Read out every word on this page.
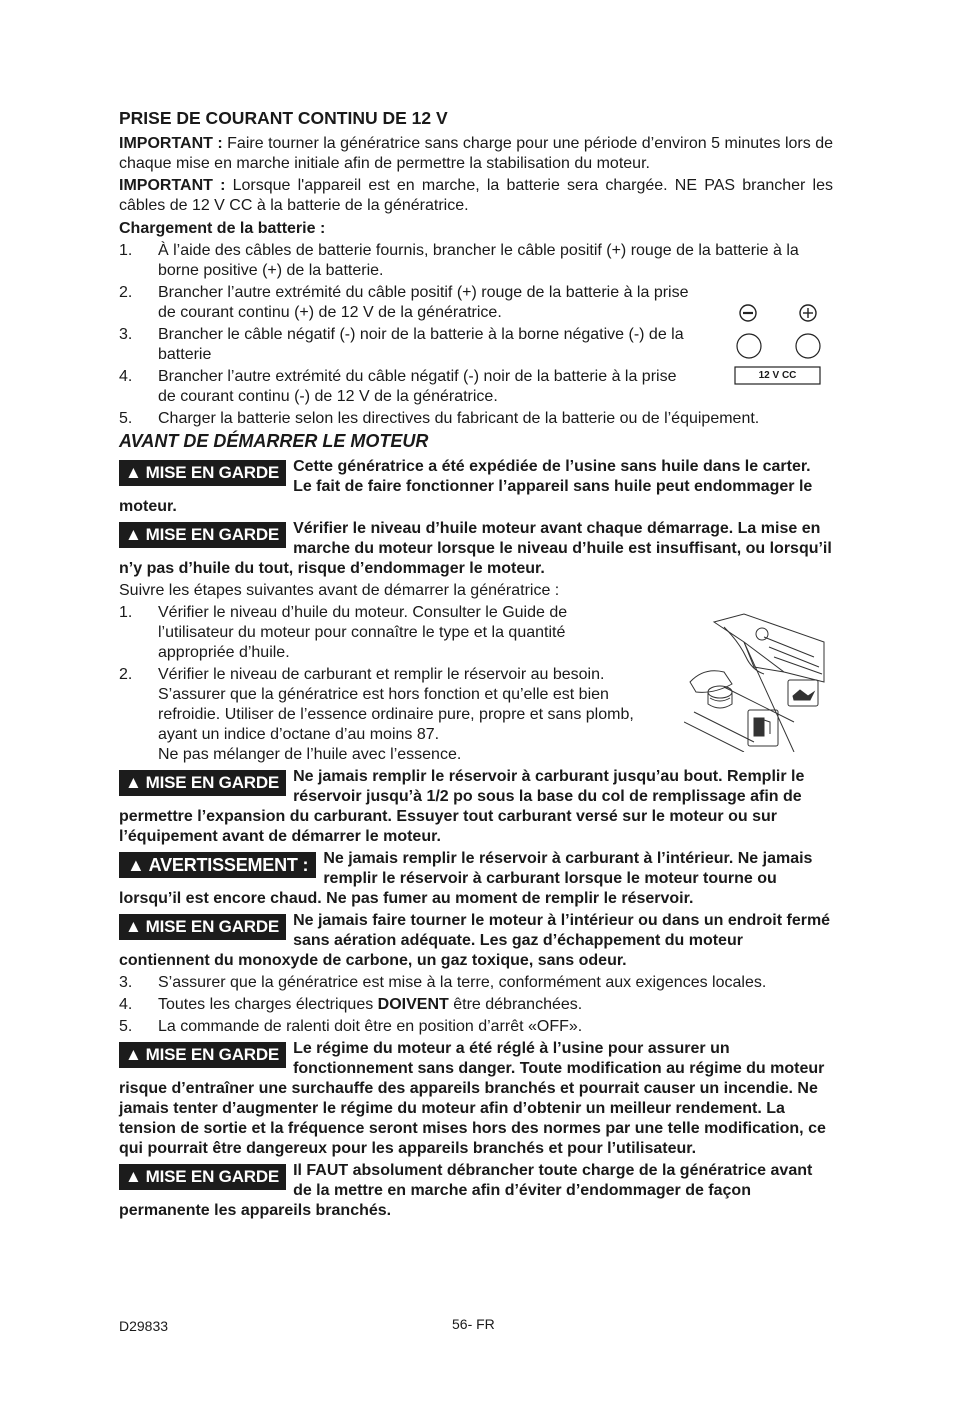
PRISE DE COURANT CONTINU DE 12 V

IMPORTANT : Faire tourner la génératrice sans charge pour une période d’environ 5 minutes lors de chaque mise en marche initiale afin de permettre la stabilisation du moteur.

IMPORTANT : Lorsque l'appareil est en marche, la batterie sera chargée. NE PAS brancher les câbles de 12 V CC à la batterie de la génératrice.

Chargement de la batterie :

1. À l’aide des câbles de batterie fournis, brancher le câble positif (+) rouge de la batterie à la borne positive (+) de la batterie.
2. Brancher l’autre extrémité du câble positif (+) rouge de la batterie à la prise de courant continu (+) de 12 V de la génératrice.
3. Brancher le câble négatif (-) noir de la batterie à la borne négative (-) de la batterie
4. Brancher l’autre extrémité du câble négatif (-) noir de la batterie à la prise de courant continu (-) de 12 V de la génératrice.
5. Charger la batterie selon les directives du fabricant de la batterie ou de l’équipement.
AVANT DE DÉMARRER LE MOTEUR
▲ MISE EN GARDE Cette génératrice a été expédiée de l’usine sans huile dans le carter. Le fait de faire fonctionner l’appareil sans huile peut endommager le moteur.
▲ MISE EN GARDE Vérifier le niveau d’huile moteur avant chaque démarrage. La mise en marche du moteur lorsque le niveau d’huile est insuffisant, ou lorsqu’il n’y pas d’huile du tout, risque d’endommager le moteur.

Suivre les étapes suivantes avant de démarrer la génératrice :

1. Vérifier le niveau d’huile du moteur. Consulter le Guide de l’utilisateur du moteur pour connaître le type et la quantité appropriée d’huile.
2. Vérifier le niveau de carburant et remplir le réservoir au besoin. S’assurer que la génératrice est hors fonction et qu’elle est bien refroidie. Utiliser de l’essence ordinaire pure, propre et sans plomb, ayant un indice d’octane d’au moins 87.
Ne pas mélanger de l’huile avec l’essence.
▲ MISE EN GARDE Ne jamais remplir le réservoir à carburant jusqu’au bout. Remplir le réservoir jusqu’à 1/2 po sous la base du col de remplissage afin de permettre l’expansion du carburant. Essuyer tout carburant versé sur le moteur ou sur l’équipement avant de démarrer le moteur.
▲ AVERTISSEMENT : Ne jamais remplir le réservoir à carburant à l’intérieur. Ne jamais remplir le réservoir à carburant lorsque le moteur tourne ou lorsqu’il est encore chaud. Ne pas fumer au moment de remplir le réservoir.
▲ MISE EN GARDE Ne jamais faire tourner le moteur à l’intérieur ou dans un endroit fermé sans aération adéquate. Les gaz d’échappement du moteur contiennent du monoxyde de carbone, un gaz toxique, sans odeur.
3. S’assurer que la génératrice est mise à la terre, conformément aux exigences locales.
4. Toutes les charges électriques DOIVENT être débranchées.
5. La commande de ralenti doit être en position d’arrêt «OFF».
▲ MISE EN GARDE Le régime du moteur a été réglé à l’usine pour assurer un fonctionnement sans danger. Toute modification au régime du moteur risque d’entraîner une surchauffe des appareils branchés et pourrait causer un incendie. Ne jamais tenter d’augmenter le régime du moteur afin d’obtenir un meilleur rendement. La tension de sortie et la fréquence seront mises hors des normes par une telle modification, ce qui pourrait être dangereux pour les appareils branchés et pour l’utilisateur.
▲ MISE EN GARDE Il FAUT absolument débrancher toute charge de la génératrice avant de la mettre en marche afin d’éviter d’endommager de façon permanente les appareils branchés.
12 V CC
D29833	56- FR
